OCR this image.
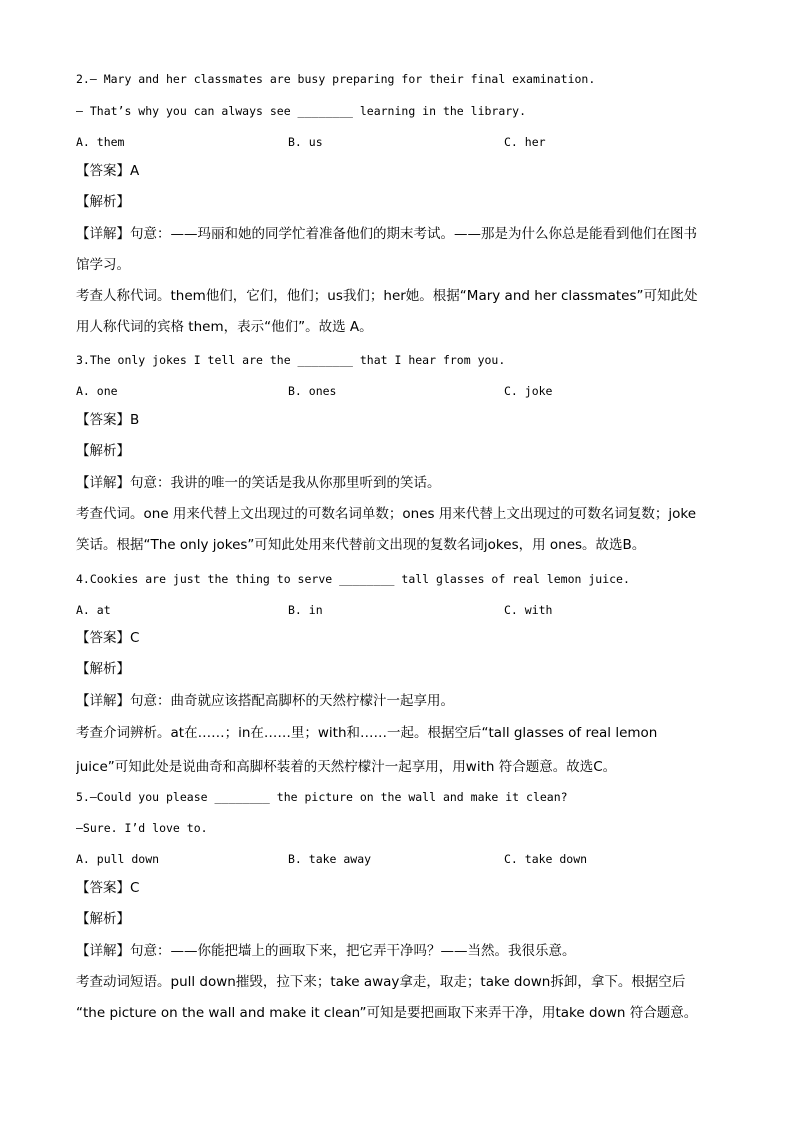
2.— Mary and her classmates are busy preparing for their final examination.
— That’s why you can always see ________ learning in the library.
A. them	B. us	C. her
【答案】A
【解析】
【详解】句意：——玛丽和她的同学忙着准备他们的期末考试。——那是为什么你总是能看到他们在图书
馆学习。
考查人称代词。them他们，它们，他们；us我们；her她。根据“Mary and her classmates”可知此处
用人称代词的宾格 them，表示“他们”。故选 A。
3.The only jokes I tell are the ________ that I hear from you.
A. one	B. ones	C. joke
【答案】B
【解析】
【详解】句意：我讲的唯一的笑话是我从你那里听到的笑话。
考查代词。one 用来代替上文出现过的可数名词单数；ones 用来代替上文出现过的可数名词复数；joke
笑话。根据“The only jokes”可知此处用来代替前文出现的复数名词jokes，用 ones。故选B。
4.Cookies are just the thing to serve ________ tall glasses of real lemon juice.
A. at	B. in	C. with
【答案】C
【解析】
【详解】句意：曲奇就应该搭配高脚杯的天然柠檬汁一起享用。
考查介词辨析。at在……；in在……里；with和……一起。根据空后“tall glasses of real lemon
juice”可知此处是说曲奇和高脚杯装着的天然柠檬汁一起享用，用with 符合题意。故选C。
5.—Could you please ________ the picture on the wall and make it clean?
—Sure. I’d love to.
A. pull down	B. take away	C. take down
【答案】C
【解析】
【详解】句意：——你能把墙上的画取下来，把它弄干净吗？——当然。我很乐意。
考查动词短语。pull down摧毁，拉下来；take away拿走，取走；take down拆卸，拿下。根据空后
“the picture on the wall and make it clean”可知是要把画取下来弄干净，用take down 符合题意。
